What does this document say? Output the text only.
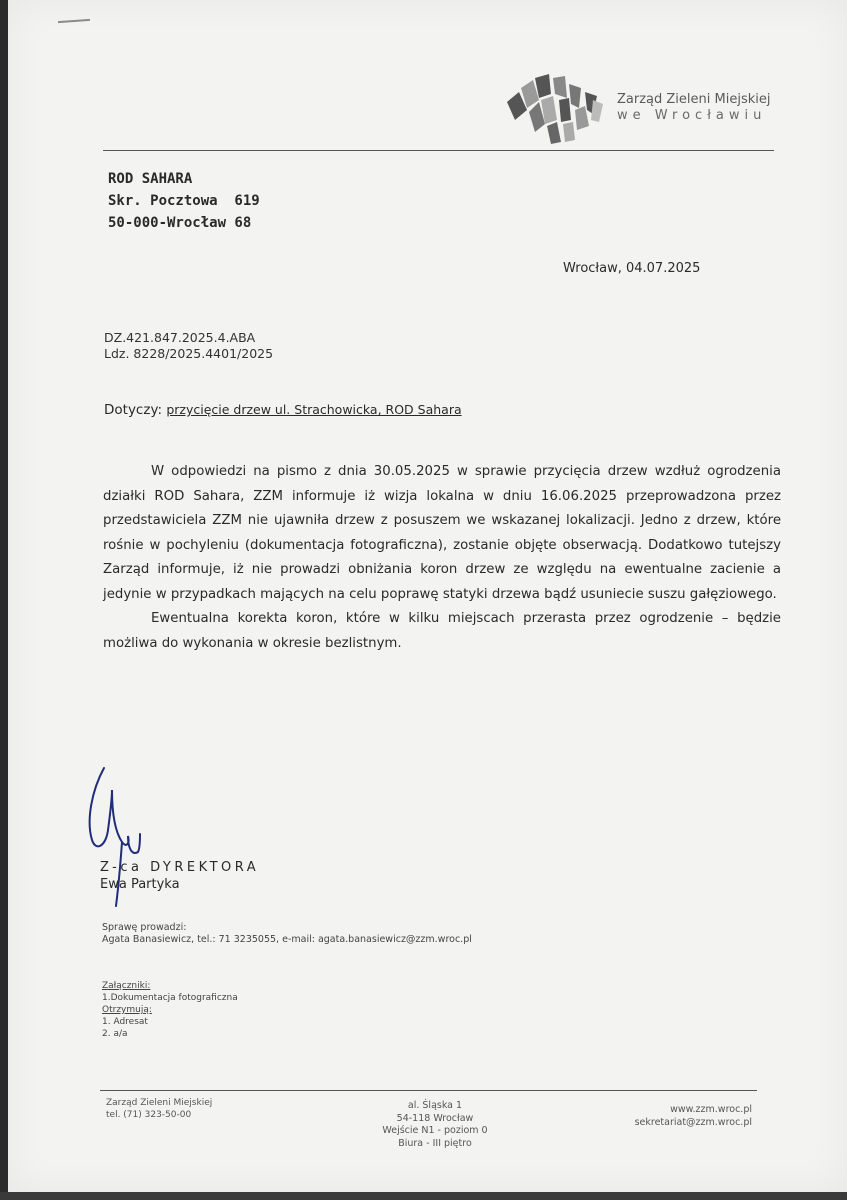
Zarząd Zieleni Miejskiej
we Wrocławiu
ROD SAHARA
Skr. Pocztowa  619
50-000-Wrocław 68
Wrocław, 04.07.2025
DZ.421.847.2025.4.ABA
Ldz. 8228/2025.4401/2025
Dotyczy: przycięcie drzew ul. Strachowicka, ROD Sahara

W odpowiedzi na pismo z dnia 30.05.2025 w sprawie przycięcia drzew wzdłuż ogrodzenia działki ROD Sahara, ZZM informuje iż wizja lokalna w dniu 16.06.2025 przeprowadzona przez przedstawiciela ZZM nie ujawniła drzew z posuszem we wskazanej lokalizacji. Jedno z drzew, które rośnie w pochyleniu (dokumentacja fotograficzna), zostanie objęte obserwacją. Dodatkowo tutejszy Zarząd informuje, iż nie prowadzi obniżania koron drzew ze względu na ewentualne zacienie a jedynie w przypadkach mających na celu poprawę statyki drzewa bądź usuniecie suszu gałęziowego.

Ewentualna korekta koron, które w kilku miejscach przerasta przez ogrodzenie – będzie możliwa do wykonania w okresie bezlistnym.

Z-ca DYREKTORA
Ewa Partyka
Sprawę prowadzi:
Agata Banasiewicz, tel.: 71 3235055, e-mail: agata.banasiewicz@zzm.wroc.pl
Załączniki:
1.Dokumentacja fotograficzna
Otrzymują:
1. Adresat
2. a/a
Zarząd Zieleni Miejskiej
tel. (71) 323-50-00
al. Śląska 1
54-118 Wrocław
Wejście N1 - poziom 0
Biura - III piętro
www.zzm.wroc.pl
sekretariat@zzm.wroc.pl
